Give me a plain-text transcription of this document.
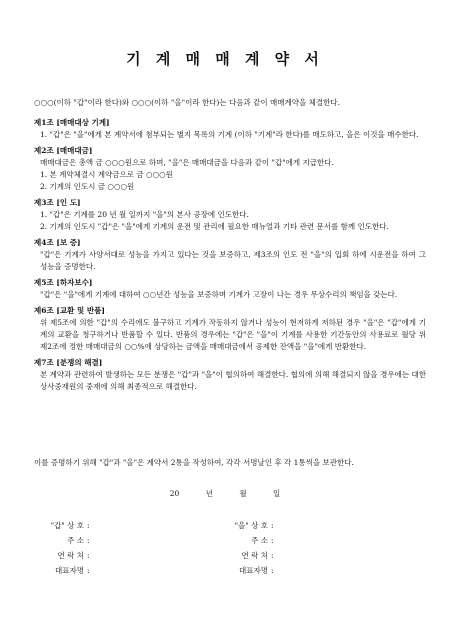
기 계 매 매 계 약 서
○○○(이하 "갑"이라 한다)와 ○○○(이하 "을"이라 한다)는 다음과 같이 매매계약을 체결한다.

제1조 [매매대상 기계]

1. "갑"은 "을"에게 본 계약서에 첨부되는 별지 목록의 기계 (이하 "기계"라 한다)를 매도하고, 을은 이것을 매수한다.

제2조 [매매대금]

매매대금은 총액 금 ○○○원으로 하며, "을"은 매매대금을 다음과 같이 "갑"에게 지급한다.

1. 본 계약체결시 계약금으로 금 ○○○원

2. 기계의 인도시 금 ○○○원

제3조 [인 도]

1. "갑"은 기계를 20 년 월 일까지 "을"의 본사 공장에 인도한다.

2. 기계의 인도시 "갑"은 "을"에게 기계의 운전 및 관리에 필요한 매뉴얼과 기타 관련 문서를 함께 인도한다.

제4조 [보 증]

"갑"은 기계가 사양서대로 성능을 가지고 있다는 것을 보증하고, 제3조의 인도 전 "을"의 입회 하에 시운전을 하여 그 성능을 증명한다.

제5조 [하자보수]

"갑"은 "을"에게 기계에 대하여 ○○년간 성능을 보증하며 기계가 고장이 나는 경우 무상수리의 책임을 갖는다.

제6조 [교환 및 반품]

위 제5조에 의한 "갑"의 수리에도 불구하고 기계가 작동하지 않거나 성능이 현저하게 저하된 경우 "을"은 "갑"에게 기계의 교환을 청구하거나 반품할 수 있다. 반품의 경우에는 "갑"은 "을"이 기계를 사용한 기간동안의 사용료로 월당 위 제2조에 정한 매매대금의 ○○%에 상당하는 금액을 매매대금에서 공제한 잔액을 "을"에게 반환한다.

제7조 [분쟁의 해결]

본 계약과 관련하여 발생하는 모든 분쟁은 "갑"과 "을"이 협의하여 해결한다. 협의에 의해 해결되지 않을 경우에는 대한상사중재원의 중재에 의해 최종적으로 해결한다.

이를 증명하기 위해 "갑"과 "을"은 계약서 2통을 작성하여, 각각 서명날인 후 각 1통씩을 보관한다.
20	년	월	일
"갑" 상 호 :
주 소 :
연 락 처 :
대표자명 :
"을" 상 호 :
주 소 :
연 락 처 :
대표자명 :
